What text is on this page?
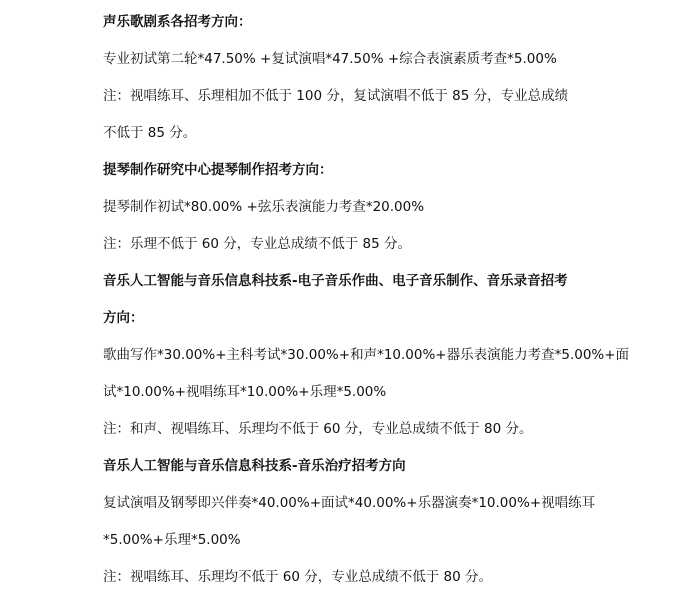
声乐歌剧系各招考方向：
专业初试第二轮*47.50% +复试演唱*47.50% +综合表演素质考查*5.00%
注：视唱练耳、乐理相加不低于 100 分，复试演唱不低于 85 分，专业总成绩
不低于 85 分。
提琴制作研究中心提琴制作招考方向：
提琴制作初试*80.00% +弦乐表演能力考查*20.00%
注：乐理不低于 60 分，专业总成绩不低于 85 分。
音乐人工智能与音乐信息科技系-电子音乐作曲、电子音乐制作、音乐录音招考
方向：
歌曲写作*30.00%+主科考试*30.00%+和声*10.00%+器乐表演能力考查*5.00%+面
试*10.00%+视唱练耳*10.00%+乐理*5.00%
注：和声、视唱练耳、乐理均不低于 60 分，专业总成绩不低于 80 分。
音乐人工智能与音乐信息科技系-音乐治疗招考方向
复试演唱及钢琴即兴伴奏*40.00%+面试*40.00%+乐器演奏*10.00%+视唱练耳
*5.00%+乐理*5.00%
注：视唱练耳、乐理均不低于 60 分，专业总成绩不低于 80 分。
